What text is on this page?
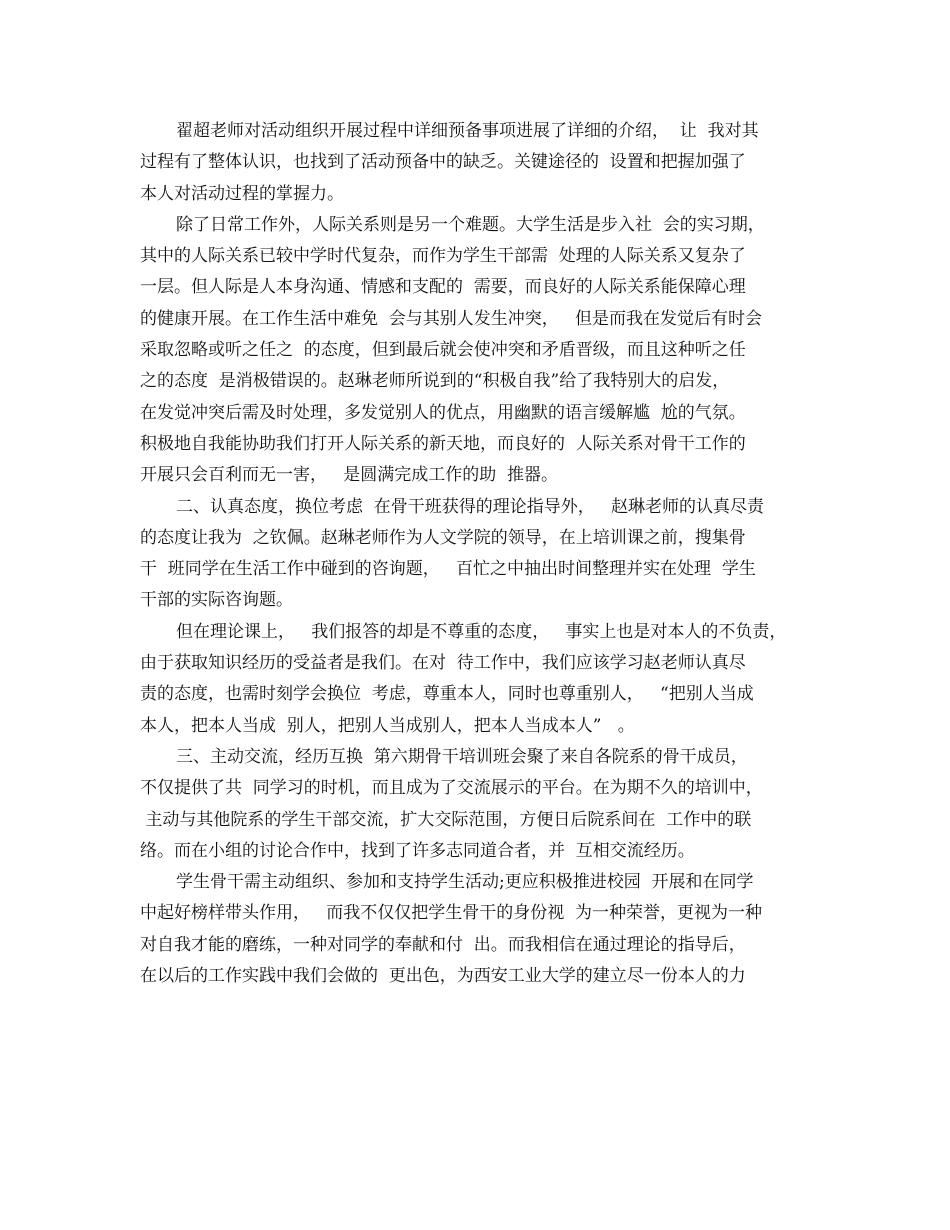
翟超老师对活动组织开展过程中详细预备事项进展了详细的介绍，  让  我对其
过程有了整体认识，也找到了活动预备中的缺乏。关键途径的  设置和把握加强了
本人对活动过程的掌握力。
除了日常工作外，人际关系则是另一个难题。大学生活是步入社  会的实习期，
其中的人际关系已较中学时代复杂，而作为学生干部需  处理的人际关系又复杂了
一层。但人际是人本身沟通、情感和支配的  需要，而良好的人际关系能保障心理
的健康开展。在工作生活中难免  会与其别人发生冲突，   但是而我在发觉后有时会
采取忽略或听之任之  的态度，但到最后就会使冲突和矛盾晋级，而且这种听之任
之的态度  是消极错误的。赵琳老师所说到的“积极自我”给了我特别大的启发，
在发觉冲突后需及时处理，多发觉别人的优点，用幽默的语言缓解尴  尬的气氛。
积极地自我能协助我们打开人际关系的新天地，而良好的  人际关系对骨干工作的
开展只会百利而无一害，   是圆满完成工作的助  推器。
二、认真态度，换位考虑  在骨干班获得的理论指导外，   赵琳老师的认真尽责
的态度让我为  之钦佩。赵琳老师作为人文学院的领导，在上培训课之前，搜集骨
干  班同学在生活工作中碰到的咨询题，   百忙之中抽出时间整理并实在处理  学生
干部的实际咨询题。
但在理论课上，   我们报答的却是不尊重的态度，   事实上也是对本人的不负责，
由于获取知识经历的受益者是我们。在对  待工作中，我们应该学习赵老师认真尽
责的态度，也需时刻学会换位  考虑，尊重本人，同时也尊重别人，   “把别人当成
本人，把本人当成  别人，把别人当成别人，把本人当成本人”   。
三、主动交流，经历互换  第六期骨干培训班会聚了来自各院系的骨干成员，
不仅提供了共  同学习的时机，而且成为了交流展示的平台。在为期不久的培训中，
主动与其他院系的学生干部交流，扩大交际范围，方便日后院系间在  工作中的联
络。而在小组的讨论合作中，找到了许多志同道合者，并  互相交流经历。
学生骨干需主动组织、参加和支持学生活动;更应积极推进校园  开展和在同学
中起好榜样带头作用，   而我不仅仅把学生骨干的身份视  为一种荣誉，更视为一种
对自我才能的磨练，一种对同学的奉献和付  出。而我相信在通过理论的指导后，
在以后的工作实践中我们会做的  更出色，为西安工业大学的建立尽一份本人的力
